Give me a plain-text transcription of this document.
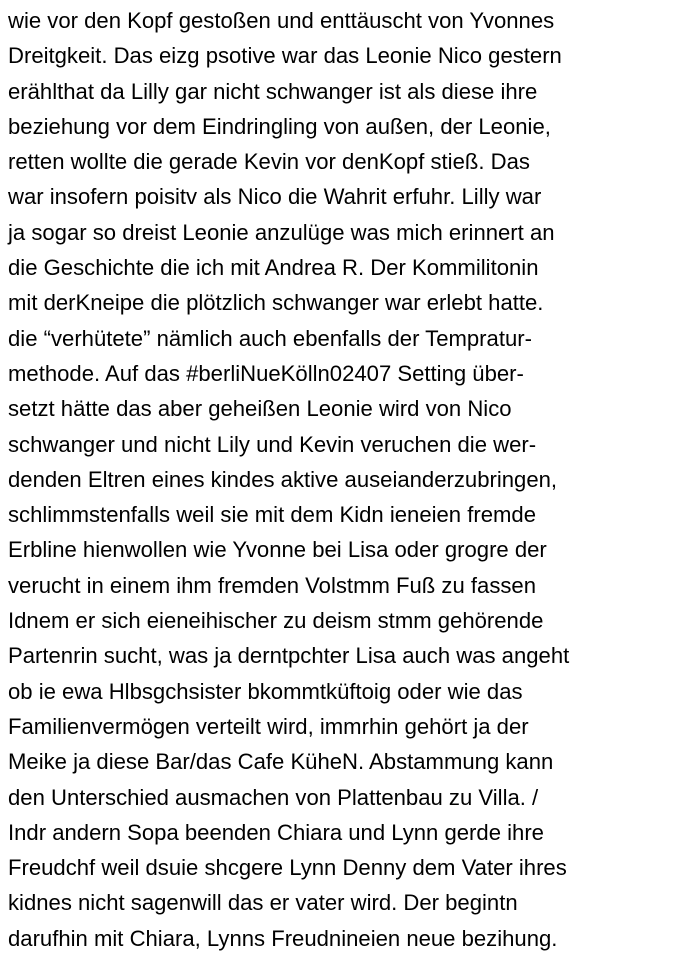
wie vor den Kopf gestoßen und enttäuscht von Yvonnes
Dreitgkeit. Das eizg psotive war das Leonie Nico gestern
erählthat da Lilly gar nicht schwanger ist als diese ihre
beziehung vor dem Eindringling von außen, der Leonie,
retten wollte die gerade Kevin vor denKopf stieß. Das
war insofern poisitv als Nico die Wahrit erfuhr. Lilly war
ja sogar so dreist Leonie anzulüge was mich erinnert an
die Geschichte die ich mit Andrea R. Der Kommilitonin
mit derKneipe die plötzlich schwanger war erlebt hatte.
die “verhütete” nämlich auch ebenfalls der Tempratur-
methode. Auf das #berliNueKölln02407 Setting über-
setzt hätte das aber geheißen Leonie wird von Nico
schwanger und nicht Lily und Kevin veruchen die wer-
denden Eltren eines kindes aktive auseianderzubringen,
schlimmstenfalls weil sie mit dem Kidn ieneien fremde
Erbline hienwollen wie Yvonne bei Lisa oder grogre der
verucht in einem ihm fremden Volstmm Fuß zu fassen
Idnem er sich eieneihischer zu deism stmm gehörende
Partenrin sucht, was ja derntpchter Lisa auch was angeht
ob ie ewa Hlbsgchsister bkommtküftoig oder wie das
Familienvermögen verteilt wird, immrhin gehört ja der
Meike ja diese Bar/das Cafe KüheN. Abstammung kann
den Unterschied ausmachen von Plattenbau zu Villa. /
Indr andern Sopa beenden Chiara und Lynn gerde ihre
Freudchf weil dsuie shcgere Lynn Denny dem Vater ihres
kidnes nicht sagenwill das er vater wird. Der begintn
darufhin mit Chiara, Lynns Freudnineien neue bezihung.
